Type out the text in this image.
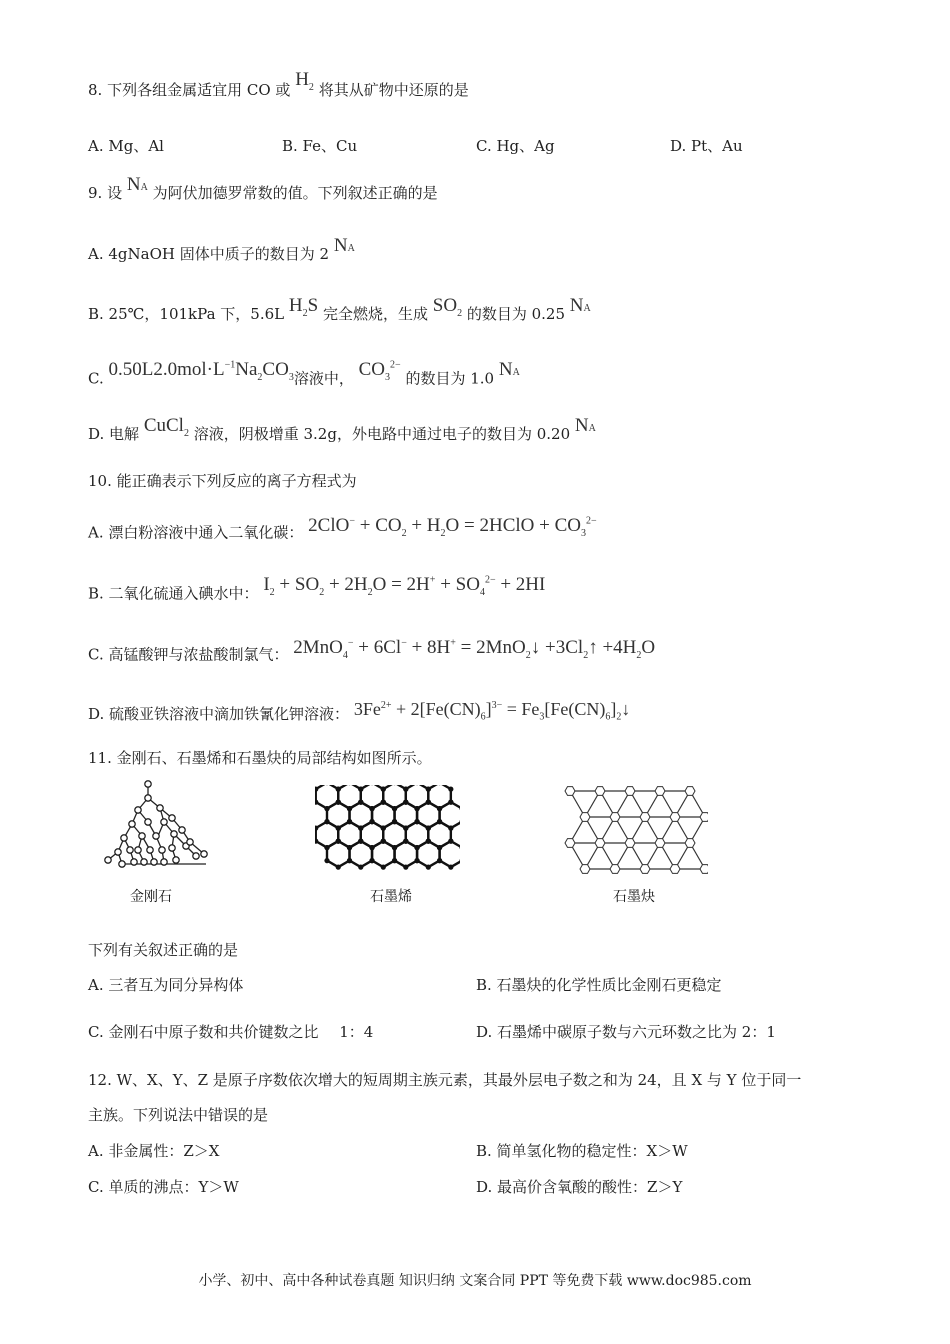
8. 下列各组金属适宜用 CO 或 $H_2$ 将其从矿物中还原的是
A. Mg、Al	B. Fe、Cu	C. Hg、Ag	D. Pt、Au
9. 设 NA 为阿伏加德罗常数的值。下列叙述正确的是
A. 4gNaOH 固体中质子的数目为 2 NA
B. 25℃，101kPa 下，5.6L $H_2S$ 完全燃烧，生成 $SO_2$ 的数目为 0.25 NA
C. $0.50L2.0mol\cdot L^{-1}Na_2CO_3$溶液中， $CO_3^{2-}$ 的数目为 1.0 NA
D. 电解 CuCl$_2$ 溶液，阴极增重 3.2g，外电路中通过电子的数目为 0.20 NA
10. 能正确表示下列反应的离子方程式为
A. 漂白粉溶液中通入二氧化碳： $2ClO^- + CO_2 + H_2O$ = 2HClO + $CO_3^{2-}$
B. 二氧化硫通入碘水中： $I_2 + SO_2 + 2H_2O = 2H^+ + SO_4^{2-} + 2HI$
C. 高锰酸钾与浓盐酸制氯气： 2MnO$_4$− + 6Cl− + 8H+ = 2MnO$_2$↓ $+3Cl_2↑ +4H_2O$
D. 硫酸亚铁溶液中滴加铁氰化钾溶液： $3Fe^{2+} + 2[Fe(CN)_6]^{3-}$ = $Fe_3[Fe(CN)_6]_2↓$
11. 金刚石、石墨烯和石墨炔的局部结构如图所示。
金刚石	石墨烯	石墨炔
下列有关叙述正确的是
A. 三者互为同分异构体	B. 石墨炔的化学性质比金刚石更稳定
C. 金刚石中原子数和共价键数之比 1：4	D. 石墨烯中碳原子数与六元环数之比为 2：1
12. W、X、Y、Z 是原子序数依次增大的短周期主族元素，其最外层电子数之和为 24，且 X 与 Y 位于同一
主族。下列说法中错误的是
A. 非金属性：Z＞X	B. 简单氢化物的稳定性：X＞W
C. 单质的沸点：Y＞W	D. 最高价含氧酸的酸性：Z＞Y
小学、初中、高中各种试卷真题 知识归纳 文案合同 PPT 等免费下载 www.doc985.com
